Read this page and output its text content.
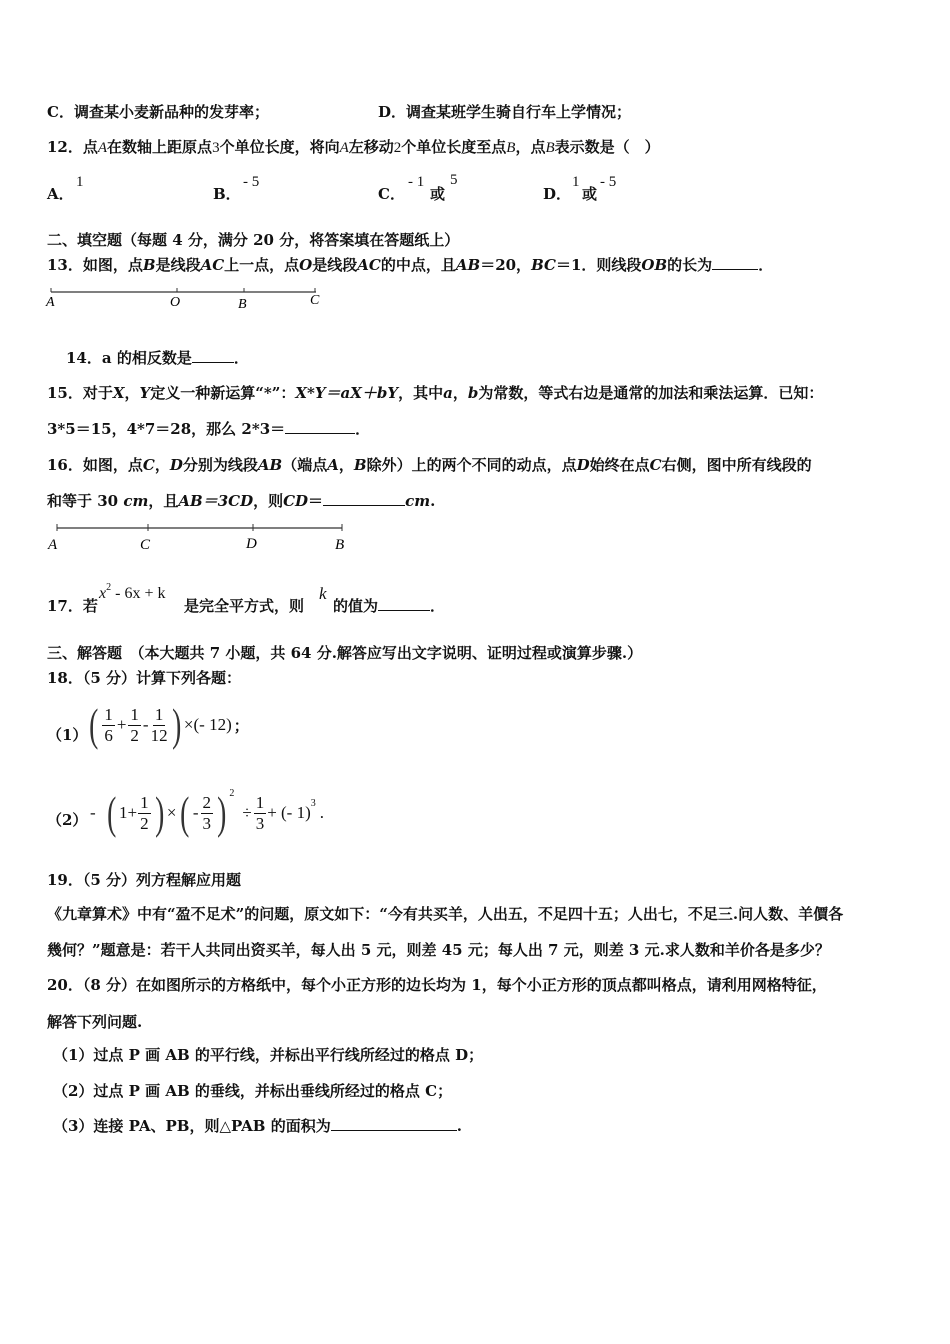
C．调查某小麦新品种的发芽率；	D．调查某班学生骑自行车上学情况；
12．点A在数轴上距原点3个单位长度，将向A左移动2个单位长度至点B，点B表示数是（　）
A．
1
B．
- 5
C．
- 1
或
5
D．
1
或
- 5
二、填空题（每题 4 分，满分 20 分，将答案填在答题纸上）
13．如图，点B是线段AC上一点，点O是线段AC的中点，且AB＝20，BC＝1．则线段OB的长为	．
A	O	B	C
14．a 的相反数是	．
15．对于X，Y定义一种新运算“*”：X*Y＝aX＋bY，其中a，b为常数，等式右边是通常的加法和乘法运算．已知：
3*5＝15，4*7＝28，那么 2*3＝	．
16．如图，点C，D分别为线段AB（端点A，B除外）上的两个不同的动点，点D始终在点C右侧，图中所有线段的
和等于 30 cm，且AB＝3CD，则CD＝	cm.
A	C	D	B
17．若
$x^2 - 6x + k$
是完全平方式，则
k
的值为	．
三、解答题　（本大题共 7 小题，共 64 分.解答应写出文字说明、证明过程或演算步骤.）
18．（5 分）计算下列各题：
（1） ( $\frac{1}{6} + \frac{1}{2} - \frac{1}{12}$ ) ×(- 12) ；
（2） - ( $1+ \frac{1}{2}$ ) × ( - $\frac{2}{3}$ ) 2
÷ $\frac{1}{3}$ + (- 1) 3 .
19．（5 分）列方程解应用题
《九章算术》中有“盈不足术”的问题，原文如下：“今有共买羊，人出五，不足四十五；人出七，不足三.问人数、羊價各
幾何？”题意是：若干人共同出资买羊，每人出 5 元，则差 45 元；每人出 7 元，则差 3 元.求人数和羊价各是多少？
20．（8 分）在如图所示的方格纸中，每个小正方形的边长均为 1，每个小正方形的顶点都叫格点，请利用网格特征，
解答下列问题.
（1）过点 P 画 AB 的平行线，并标出平行线所经过的格点 D；
（2）过点 P 画 AB 的垂线，并标出垂线所经过的格点 C；
（3）连接 PA、PB，则△PAB 的面积为	.
